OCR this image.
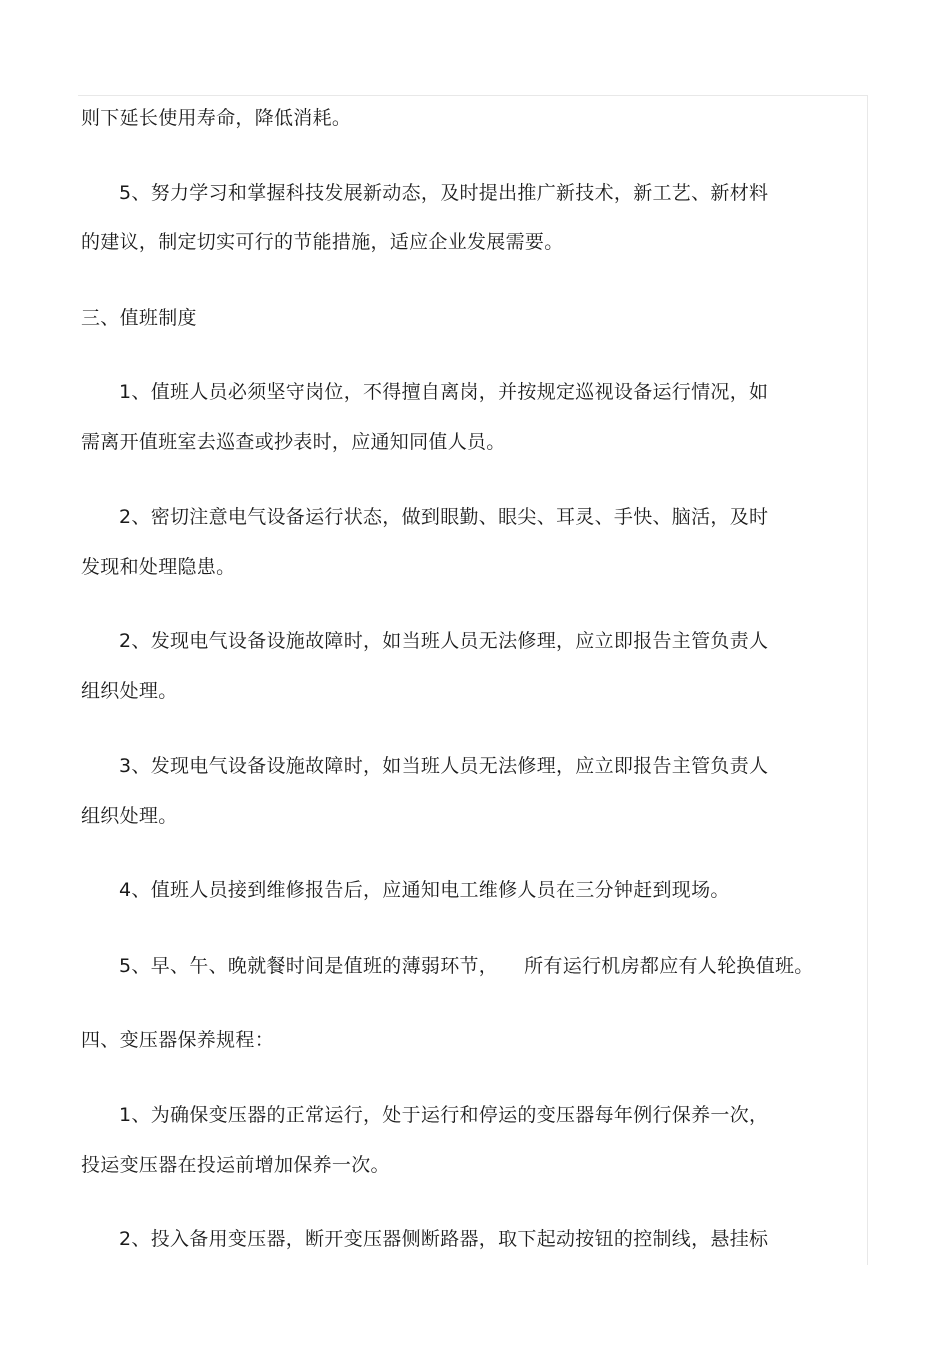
则下延长使用寿命，降低消耗。
5、努力学习和掌握科技发展新动态，及时提出推广新技术，新工艺、新材料
的建议，制定切实可行的节能措施，适应企业发展需要。
三、值班制度
1、值班人员必须坚守岗位，不得擅自离岗，并按规定巡视设备运行情况，如
需离开值班室去巡查或抄表时，应通知同值人员。
2、密切注意电气设备运行状态，做到眼勤、眼尖、耳灵、手快、脑活，及时
发现和处理隐患。
2、发现电气设备设施故障时，如当班人员无法修理，应立即报告主管负责人
组织处理。
3、发现电气设备设施故障时，如当班人员无法修理，应立即报告主管负责人
组织处理。
4、值班人员接到维修报告后，应通知电工维修人员在三分钟赶到现场。
5、早、午、晚就餐时间是值班的薄弱环节， 所有运行机房都应有人轮换值班。
四、变压器保养规程：
1、为确保变压器的正常运行，处于运行和停运的变压器每年例行保养一次，
投运变压器在投运前增加保养一次。
2、投入备用变压器，断开变压器侧断路器，取下起动按钮的控制线，悬挂标
